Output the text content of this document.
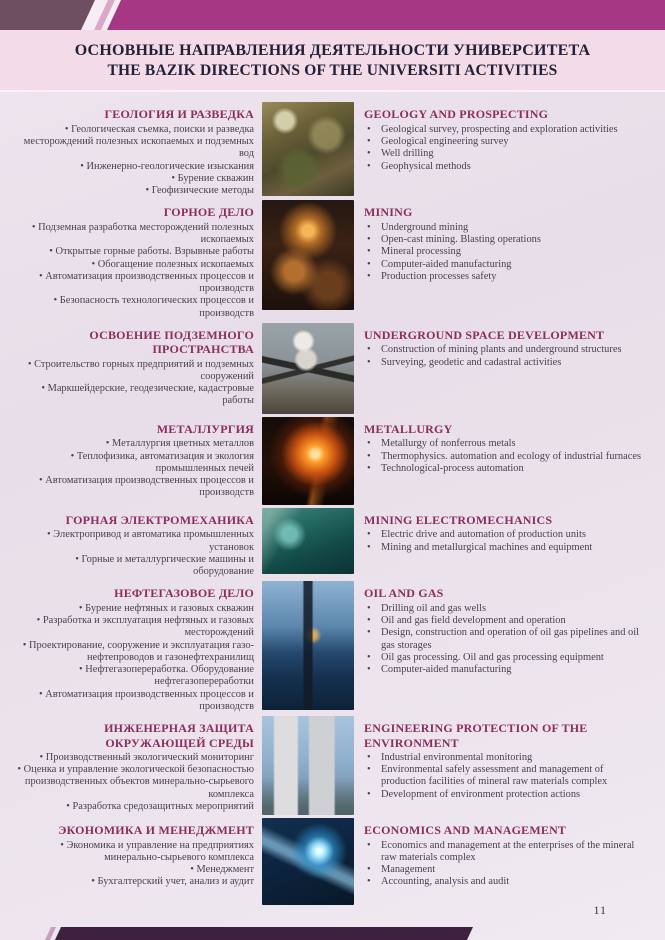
ОСНОВНЫЕ НАПРАВЛЕНИЯ ДЕЯТЕЛЬНОСТИ УНИВЕРСИТЕТА
THE BAZIK DIRECTIONS OF THE UNIVERSITI ACTIVITIES
ГЕОЛОГИЯ И РАЗВЕДКА
• Геологическая съемка, поиски и разведка месторождений полезных ископаемых и подземных вод
• Инженерно-геологические изыскания
• Бурение скважин
• Геофизические методы
GEOLOGY AND PROSPECTING
• Geological survey, prospecting and exploration activities
• Geological engineering survey
• Well drilling
• Geophysical methods
ГОРНОЕ ДЕЛО
• Подземная разработка месторождений полезных ископаемых
• Открытые горные работы. Взрывные работы
• Обогащение полезных ископаемых
• Автоматизация производственных процессов и производств
• Безопасность технологических процессов и производств
MINING
• Underground mining
• Open-cast mining. Blasting operations
• Mineral processing
• Computer-aided manufacturing
• Production processes safety
ОСВОЕНИЕ ПОДЗЕМНОГО ПРОСТРАНСТВА
• Строительство горных предприятий и подземных сооружений
• Маркшейдерские, геодезические, кадастровые работы
UNDERGROUND SPACE DEVELOPMENT
• Construction of mining plants and underground structures
• Surveying, geodetic and cadastral activities
МЕТАЛЛУРГИЯ
• Металлургия цветных металлов
• Теплофизика, автоматизация и экология промышленных печей
• Автоматизация производственных процессов и производств
METALLURGY
• Metallurgy of nonferrous metals
• Thermophysics. automation and ecology of industrial furnaces
• Technological-process automation
ГОРНАЯ ЭЛЕКТРОМЕХАНИКА
• Электропривод и автоматика промышленных установок
• Горные и металлургические машины и оборудование
MINING ELECTROMECHANICS
• Electric drive and automation of production units
• Mining and metallurgical machines and equipment
НЕФТЕГАЗОВОЕ ДЕЛО
• Бурение нефтяных и газовых скважин
• Разработка и эксплуатация нефтяных и газовых месторождений
• Проектирование, сооружение и эксплуатация газо-нефтепроводов и газонефтехранилищ
• Нефтегазопереработка. Оборудование нефтегазопереработки
• Автоматизация производственных процессов и производств
OIL AND GAS
• Drilling oil and gas wells
• Oil and gas field development and operation
• Design, construction and operation of oil gas pipelines and oil gas storages
• Oil gas processing. Oil and gas processing equipment
• Computer-aided manufacturing
ИНЖЕНЕРНАЯ ЗАЩИТА ОКРУЖАЮЩЕЙ СРЕДЫ
• Производственный экологический мониторинг
• Оценка и управление экологической безопасностью производственных объектов минерально-сырьевого комплекса
• Разработка средозащитных мероприятий
ENGINEERING PROTECTION OF THE ENVIRONMENT
• Industrial environmental monitoring
• Environmental safely assessment and management of production facilities of mineral raw materials complex
• Development of environment protection actions
ЭКОНОМИКА И МЕНЕДЖМЕНТ
• Экономика и управление на предприятиях минерально-сырьевого комплекса
• Менеджмент
• Бухгалтерский учет, анализ и аудит
ECONOMICS AND MANAGEMENT
• Economics and management at the enterprises of the mineral raw materials complex
• Management
• Accounting, analysis and audit
11
